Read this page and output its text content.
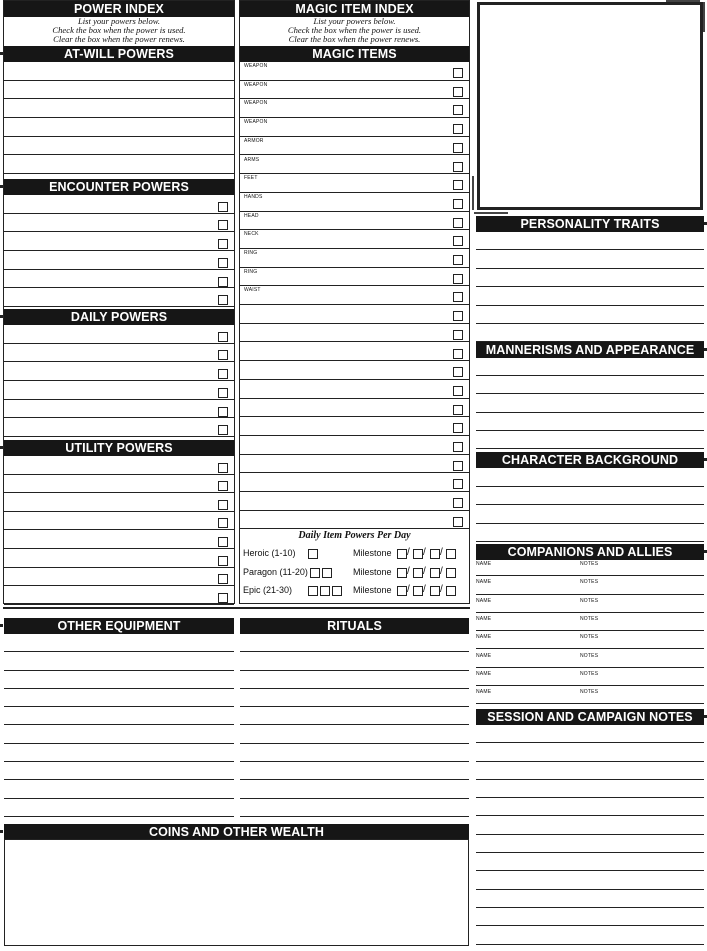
POWER INDEX
List your powers below.
Check the box when the power is used.
Clear the box when the power renews.
AT-WILL POWERS
ENCOUNTER POWERS
DAILY POWERS
UTILITY POWERS
MAGIC ITEM INDEX
List your powers below.
Check the box when the power is used.
Clear the box when the power renews.
MAGIC ITEMS
WEAPON
WEAPON
WEAPON
WEAPON
ARMOR
ARMS
FEET
HANDS
HEAD
NECK
RING
RING
WAIST
Daily Item Powers Per Day
Heroic (1-10)	Milestone / / /
Paragon (11-20)	Milestone / / /
Epic (21-30)	Milestone / / /
OTHER EQUIPMENT	RITUALS
COINS AND OTHER WEALTH
PERSONALITY TRAITS
MANNERISMS AND APPEARANCE
CHARACTER BACKGROUND
COMPANIONS AND ALLIES
NAME	NOTES
NAME	NOTES
NAME	NOTES
NAME	NOTES
NAME	NOTES
NAME	NOTES
NAME	NOTES
NAME	NOTES
SESSION AND CAMPAIGN NOTES
